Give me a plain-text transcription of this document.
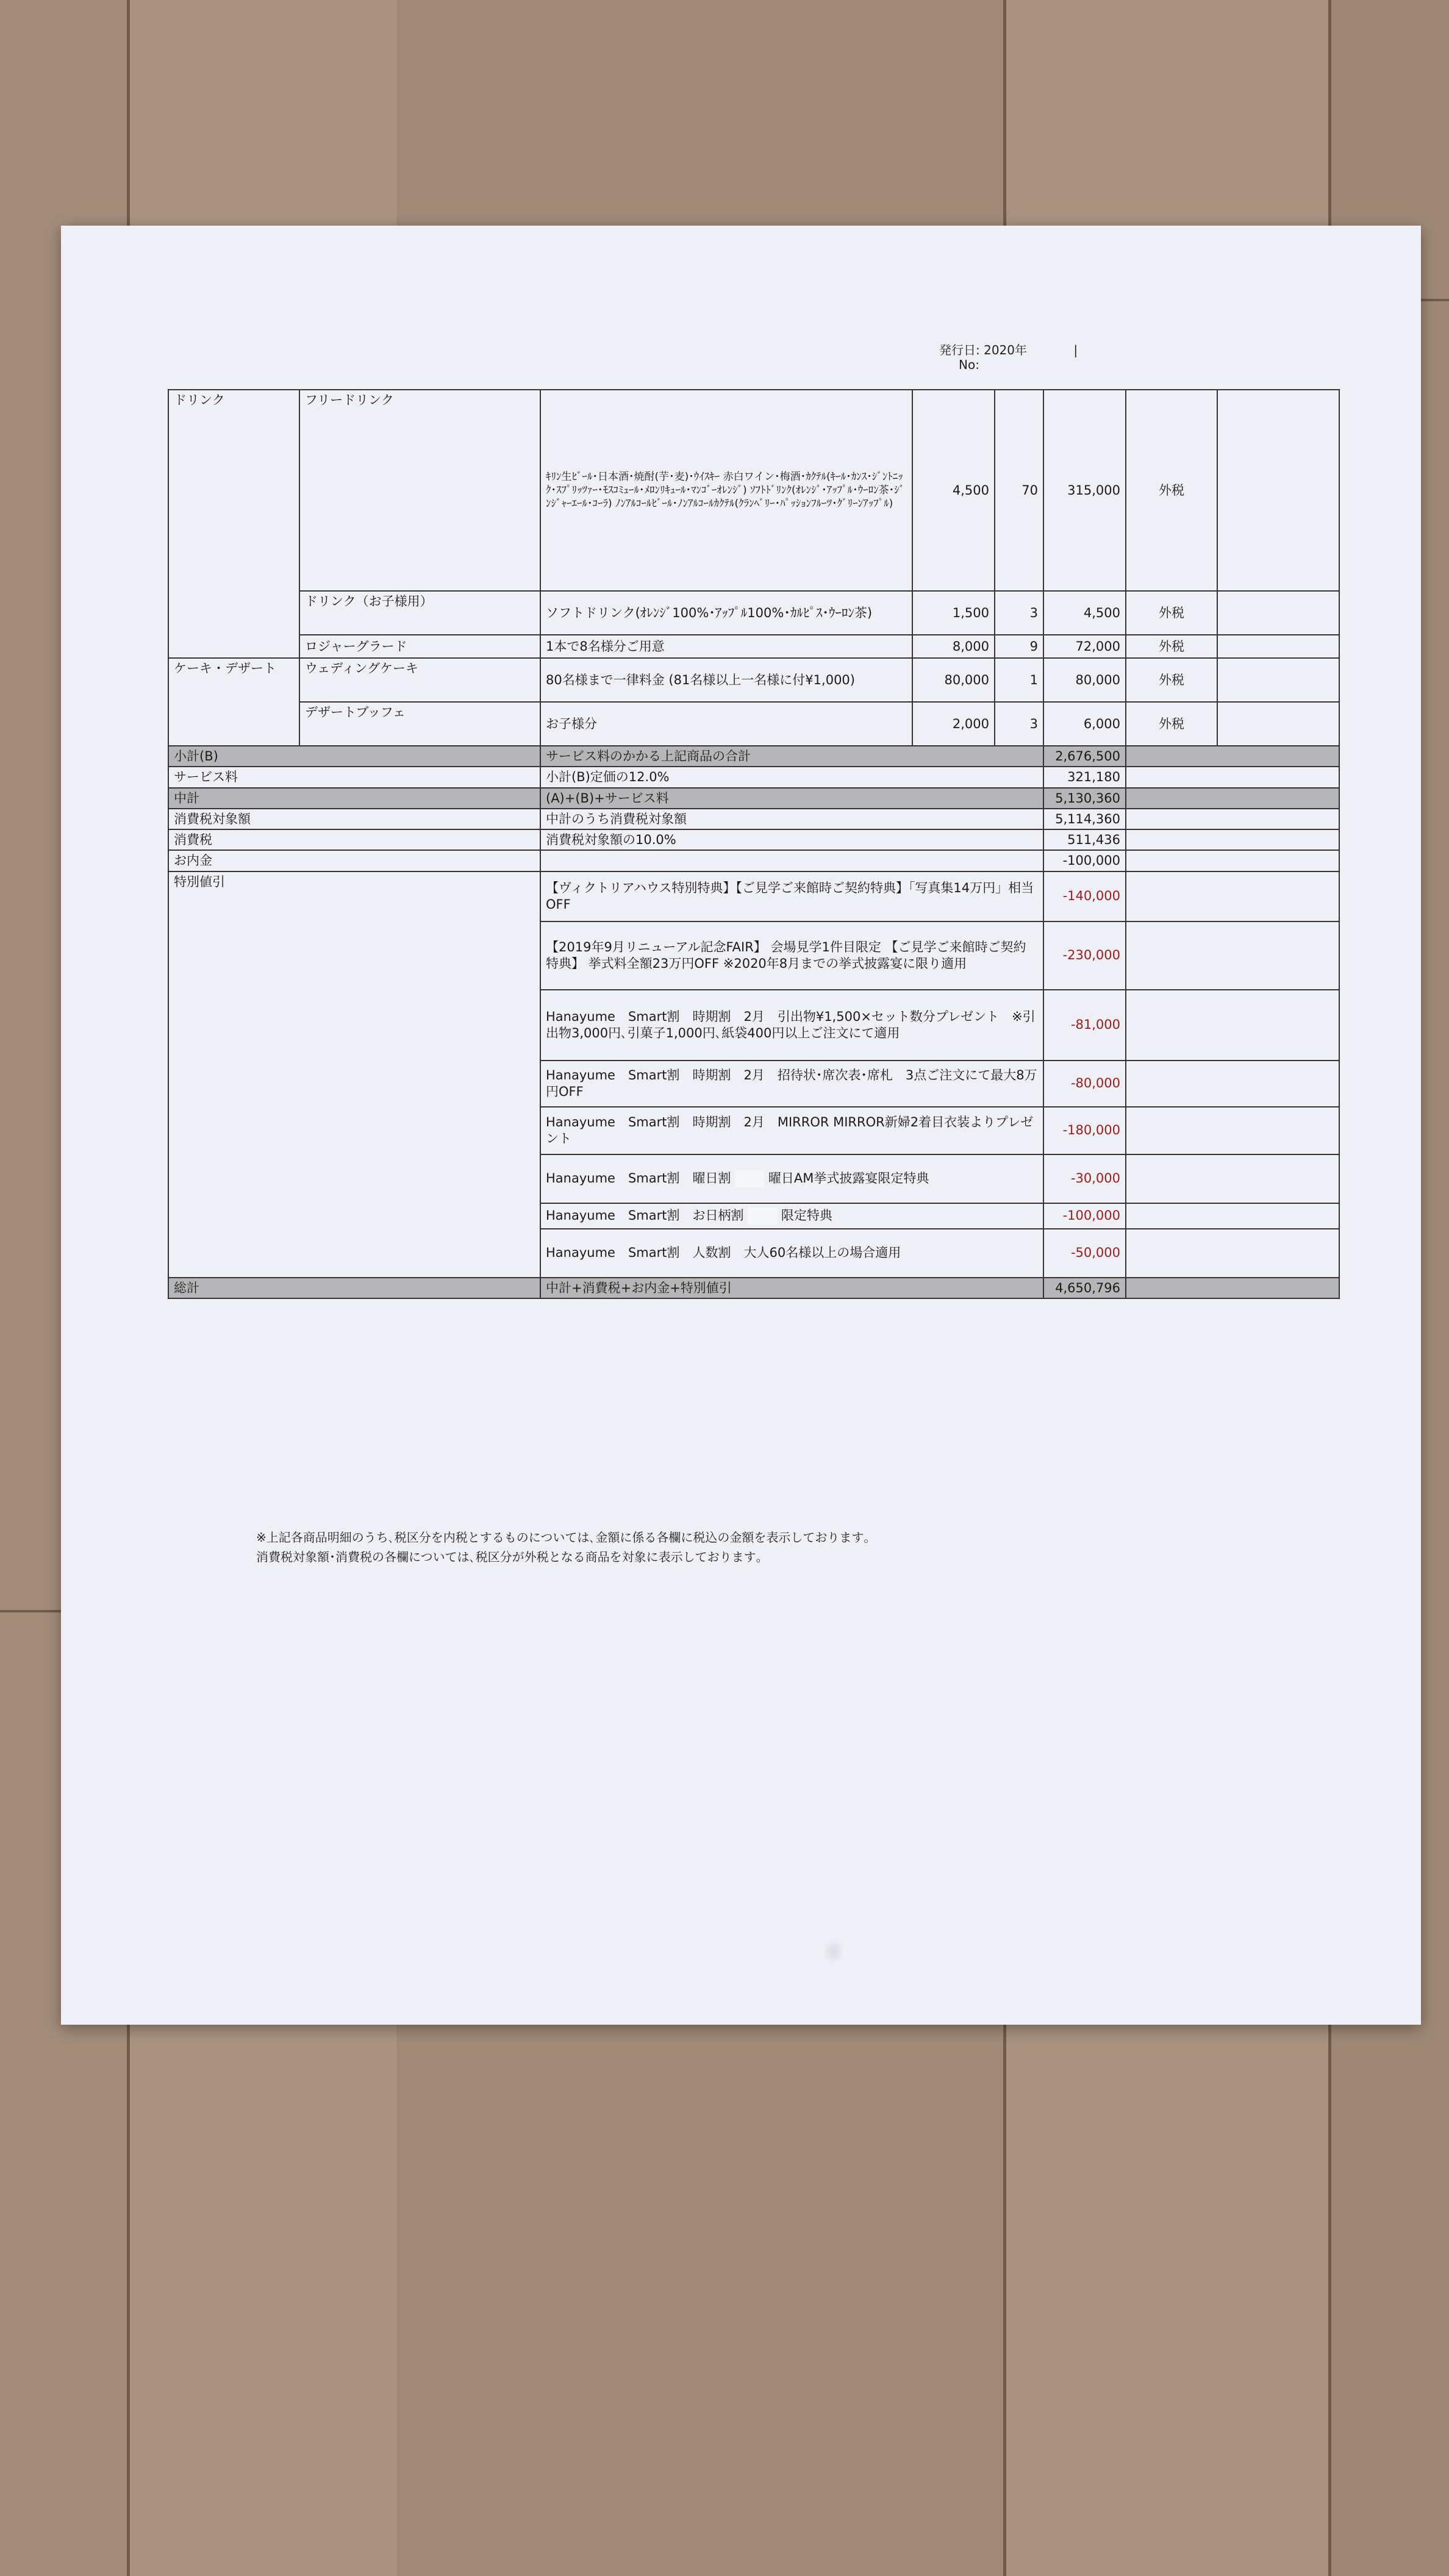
発行日: 2020年	|
No:
ドリンク	フリードリンク	ｷﾘﾝ生ﾋﾞｰﾙ･日本酒･焼酎(芋･麦)･ｳｲｽｷｰ 赤白ワイン･梅酒･ｶｸﾃﾙ(ｷｰﾙ･ｶﾝｽ･ｼﾞﾝﾄﾆｯｸ･ｽﾌﾟﾘｯﾂｧｰ･ﾓｽｺﾐｭｰﾙ･ﾒﾛﾝﾘｷｭｰﾙ･ﾏﾝｺﾞｰｵﾚﾝｼﾞ) ｿﾌﾄﾄﾞﾘﾝｸ(ｵﾚﾝｼﾞ･ｱｯﾌﾟﾙ･ｳｰﾛﾝ茶･ｼﾞﾝｼﾞｬｰｴｰﾙ･ｺｰﾗ) ﾉﾝｱﾙｺｰﾙﾋﾞｰﾙ･ﾉﾝｱﾙｺｰﾙｶｸﾃﾙ(ｸﾗﾝﾍﾞﾘｰ･ﾊﾟｯｼｮﾝﾌﾙｰﾂ･ｸﾞﾘｰﾝｱｯﾌﾟﾙ)	4,500	70	315,000	外税	
	ドリンク（お子様用）	ソフトドリンク(ｵﾚﾝｼﾞ100%･ｱｯﾌﾟﾙ100%･ｶﾙﾋﾟｽ･ｳｰﾛﾝ茶)	1,500	3	4,500	外税	
	ロジャーグラード	1本で8名様分ご用意	8,000	9	72,000	外税	
ケーキ・デザート	ウェディングケーキ	80名様まで一律料金 (81名様以上一名様に付¥1,000)	80,000	1	80,000	外税	
	デザートブッフェ	お子様分	2,000	3	6,000	外税	
小計(B)		サービス料のかかる上記商品の合計			2,676,500		
サービス料		小計(B)定価の12.0%			321,180		
中計		(A)+(B)+サービス料			5,130,360		
消費税対象額		中計のうち消費税対象額			5,114,360		
消費税		消費税対象額の10.0%			511,436		
お内金					-100,000		
特別値引		【ヴィクトリアハウス特別特典】【ご見学ご来館時ご契約特典】「写真集14万円」相当OFF			-140,000		
		【2019年9月リニューアル記念FAIR】 会場見学1件目限定 【ご見学ご来館時ご契約特典】 挙式料全額23万円OFF ※2020年8月までの挙式披露宴に限り適用			-230,000		
		Hanayume　Smart割　時期割　2月　引出物¥1,500×セット数分プレゼント　※引出物3,000円､引菓子1,000円､紙袋400円以上ご注文にて適用			-81,000		
		Hanayume　Smart割　時期割　2月　招待状･席次表･席札　3点ご注文にて最大8万円OFF			-80,000		
		Hanayume　Smart割　時期割　2月　MIRROR MIRROR新婦2着目衣装よりプレゼント			-180,000		
		Hanayume　Smart割　曜日割 曜日AM挙式披露宴限定特典			-30,000		
		Hanayume　Smart割　お日柄割 限定特典			-100,000		
		Hanayume　Smart割　人数割　大人60名様以上の場合適用			-50,000		
総計		中計+消費税+お内金+特別値引			4,650,796		
※上記各商品明細のうち､税区分を内税とするものについては､金額に係る各欄に税込の金額を表示しております｡
消費税対象額･消費税の各欄については､税区分が外税となる商品を対象に表示しております｡
